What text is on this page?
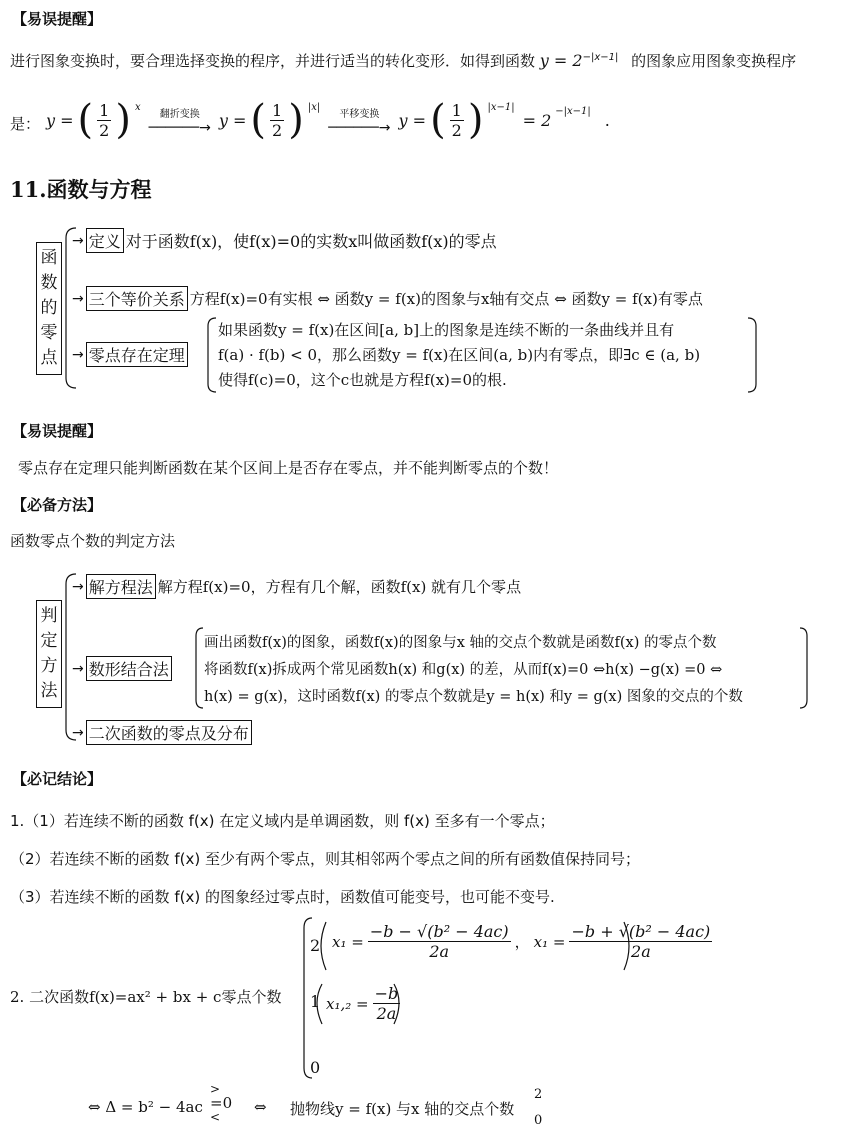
【易误提醒】
进行图象变换时，要合理选择变换的程序，并进行适当的转化变形．如得到函数 $y = 2^{-|x-1|}$ 的图象应用图象变换程序
是： y = ( $\frac{1}{2}$ ) $^x$
翻折变换
──────→ y = ( $\frac{1}{2}$ ) $^{|x|}$
平移变换
──────→ y = ( $\frac{1}{2}$ ) $^{|x-1|}$
= 2 $^{-|x-1|}$ .
11.函数与方程
函
数
的
零
点
→ 定义 对于函数f(x)，使f(x)=0的实数x叫做函数f(x)的零点
→ 三个等价关系 方程f(x)=0有实根 ⇔ 函数y = f(x)的图象与x轴有交点 ⇔ 函数y = f(x)有零点
→ 零点存在定理
如果函数y = f(x)在区间[a, b]上的图象是连续不断的一条曲线并且有
f(a) · f(b) < 0，那么函数y = f(x)在区间(a, b)内有零点，即∃c ∈ (a, b)
使得f(c)=0，这个c也就是方程f(x)=0的根.
【易误提醒】
零点存在定理只能判断函数在某个区间上是否存在零点，并不能判断零点的个数！
【必备方法】
函数零点个数的判定方法
判
定
方
法
→ 解方程法 解方程f(x)=0，方程有几个解，函数f(x) 就有几个零点
→ 数形结合法
画出函数f(x)的图象，函数f(x)的图象与x 轴的交点个数就是函数f(x) 的零点个数
将函数f(x)拆成两个常见函数h(x) 和g(x) 的差，从而f(x)=0 ⇔h(x) −g(x) =0 ⇔
h(x) = g(x)，这时函数f(x) 的零点个数就是y = h(x) 和y = g(x) 图象的交点的个数
→ 二次函数的零点及分布
【必记结论】
1.（1）若连续不断的函数 f(x) 在定义域内是单调函数，则 f(x) 至多有一个零点；
（2）若连续不断的函数 f(x) 至少有两个零点，则其相邻两个零点之间的所有函数值保持同号；
（3）若连续不断的函数 f(x) 的图象经过零点时，函数值可能变号，也可能不变号.
2. 二次函数f(x)=ax² + bx + c零点个数
2 $x_1 = \frac{\text{−b − √(b² − 4ac)}}{2a}$ ， $x_1 = \frac{\text{−b + √(b² − 4ac)}}{2a}$
1 $x_1,_2 = \frac{-b}{2a}$
0
⇔ Δ = b² − 4ac
>
=0
<
⇔ 抛物线y = f(x) 与x 轴的交点个数
2
0
